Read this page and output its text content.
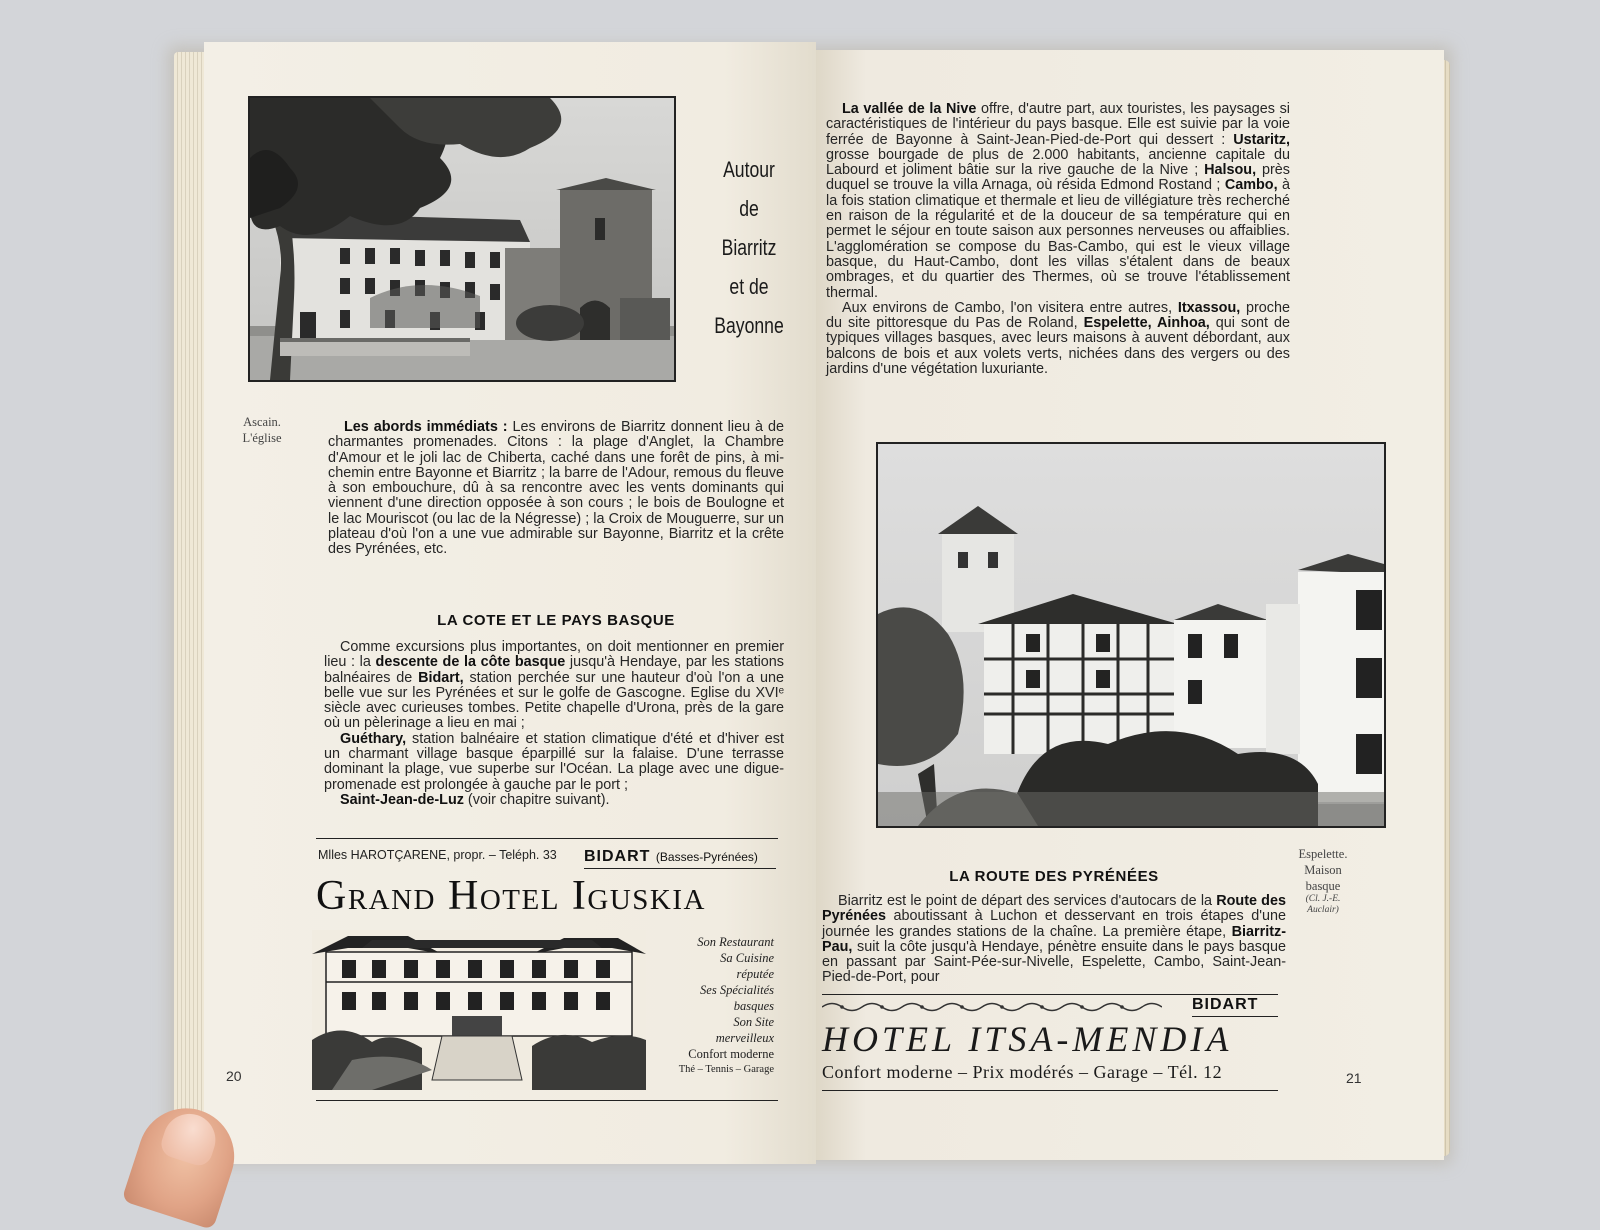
Autour
de
Biarritz
et de
Bayonne
Ascain.
L'église

Les abords immédiats : Les environs de Biarritz donnent lieu à de charmantes promenades. Citons : la plage d'Anglet, la Chambre d'Amour et le joli lac de Chiberta, caché dans une forêt de pins, à mi-chemin entre Bayonne et Biarritz ; la barre de l'Adour, remous du fleuve à son embouchure, dû à sa rencontre avec les vents dominants qui viennent d'une direction opposée à son cours ; le bois de Boulogne et le lac Mouriscot (ou lac de la Négresse) ; la Croix de Mouguerre, sur un plateau d'où l'on a une vue admirable sur Bayonne, Biarritz et la crête des Pyrénées, etc.

LA COTE ET LE PAYS BASQUE

Comme excursions plus importantes, on doit mentionner en premier lieu : la descente de la côte basque jusqu'à Hendaye, par les stations balnéaires de Bidart, station perchée sur une hauteur d'où l'on a une belle vue sur les Pyrénées et sur le golfe de Gascogne. Eglise du XVIᵉ siècle avec curieuses tombes. Petite chapelle d'Urona, près de la gare où un pèlerinage a lieu en mai ;

Guéthary, station balnéaire et station climatique d'été et d'hiver est un charmant village basque éparpillé sur la falaise. D'une terrasse dominant la plage, vue superbe sur l'Océan. La plage avec une digue-promenade est prolongée à gauche par le port ;

Saint-Jean-de-Luz (voir chapitre suivant).

Mlles HAROTÇARENE, propr. – Teléph. 33 BIDART (Basses-Pyrénées)
Grand Hotel Iguskia
Son Restaurant
Sa Cuisine
réputée
Ses Spécialités
basques
Son Site
merveilleux
Confort moderne
Thé – Tennis – Garage
20

La vallée de la Nive offre, d'autre part, aux touristes, les paysages si caractéristiques de l'intérieur du pays basque. Elle est suivie par la voie ferrée de Bayonne à Saint-Jean-Pied-de-Port qui dessert : Ustaritz, grosse bourgade de plus de 2.000 habitants, ancienne capitale du Labourd et joliment bâtie sur la rive gauche de la Nive ; Halsou, près duquel se trouve la villa Arnaga, où résida Edmond Rostand ; Cambo, à la fois station climatique et thermale et lieu de villégiature très recherché en raison de la régularité et de la douceur de sa température qui en permet le séjour en toute saison aux personnes nerveuses ou affaiblies. L'agglomération se compose du Bas-Cambo, qui est le vieux village basque, du Haut-Cambo, dont les villas s'étalent dans de beaux ombrages, et du quartier des Thermes, où se trouve l'établissement thermal.

Aux environs de Cambo, l'on visitera entre autres, Itxassou, proche du site pittoresque du Pas de Roland, Espelette, Ainhoa, qui sont de typiques villages basques, avec leurs maisons à auvent débordant, aux balcons de bois et aux volets verts, nichées dans des vergers ou des jardins d'une végétation luxuriante.

Espelette.
Maison
basque
(Cl. J.-E.
Auclair)
LA ROUTE DES PYRÉNÉES

Biarritz est le point de départ des services d'autocars de la Route des Pyrénées aboutissant à Luchon et desservant en trois étapes d'une journée les grandes stations de la chaîne. La première étape, Biarritz-Pau, suit la côte jusqu'à Hendaye, pénètre ensuite dans le pays basque en passant par Saint-Pée-sur-Nivelle, Espelette, Cambo, Saint-Jean-Pied-de-Port, pour

BIDART
HOTEL ITSA-MENDIA
Confort moderne – Prix modérés – Garage – Tél. 12	21
